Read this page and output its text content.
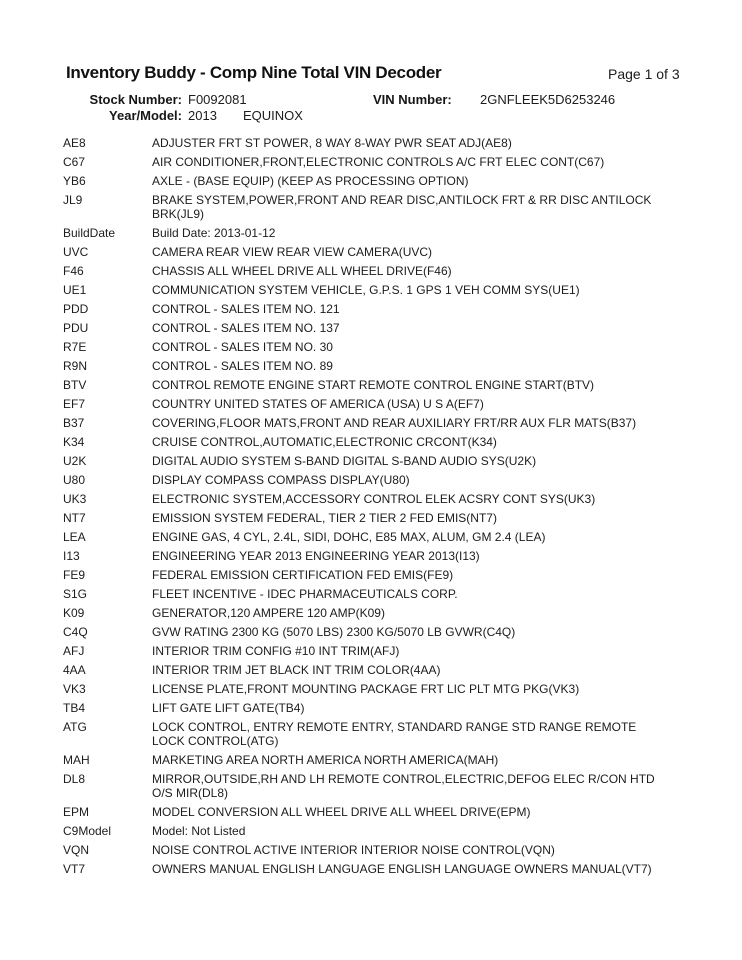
Inventory Buddy - Comp Nine Total VIN Decoder	Page 1 of 3
Stock Number: F0092081	VIN Number: 2GNFLEEK5D6253246
Year/Model: 2013 EQUINOX
AE8	ADJUSTER FRT ST POWER, 8 WAY 8-WAY PWR SEAT ADJ(AE8)
C67	AIR CONDITIONER,FRONT,ELECTRONIC CONTROLS A/C FRT ELEC CONT(C67)
YB6	AXLE - (BASE EQUIP) (KEEP AS PROCESSING OPTION)
JL9	BRAKE SYSTEM,POWER,FRONT AND REAR DISC,ANTILOCK FRT & RR DISC ANTILOCK BRK(JL9)
BuildDate	Build Date: 2013-01-12
UVC	CAMERA REAR VIEW REAR VIEW CAMERA(UVC)
F46	CHASSIS ALL WHEEL DRIVE ALL WHEEL DRIVE(F46)
UE1	COMMUNICATION SYSTEM VEHICLE, G.P.S. 1 GPS 1 VEH COMM SYS(UE1)
PDD	CONTROL - SALES ITEM NO. 121
PDU	CONTROL - SALES ITEM NO. 137
R7E	CONTROL - SALES ITEM NO. 30
R9N	CONTROL - SALES ITEM NO. 89
BTV	CONTROL REMOTE ENGINE START REMOTE CONTROL ENGINE START(BTV)
EF7	COUNTRY UNITED STATES OF AMERICA (USA) U S A(EF7)
B37	COVERING,FLOOR MATS,FRONT AND REAR AUXILIARY FRT/RR AUX FLR MATS(B37)
K34	CRUISE CONTROL,AUTOMATIC,ELECTRONIC CRCONT(K34)
U2K	DIGITAL AUDIO SYSTEM S-BAND DIGITAL S-BAND AUDIO SYS(U2K)
U80	DISPLAY COMPASS COMPASS DISPLAY(U80)
UK3	ELECTRONIC SYSTEM,ACCESSORY CONTROL ELEK ACSRY CONT SYS(UK3)
NT7	EMISSION SYSTEM FEDERAL, TIER 2 TIER 2 FED EMIS(NT7)
LEA	ENGINE GAS, 4 CYL, 2.4L, SIDI, DOHC, E85 MAX, ALUM, GM 2.4 (LEA)
I13	ENGINEERING YEAR 2013 ENGINEERING YEAR 2013(I13)
FE9	FEDERAL EMISSION CERTIFICATION FED EMIS(FE9)
S1G	FLEET INCENTIVE - IDEC PHARMACEUTICALS CORP.
K09	GENERATOR,120 AMPERE 120 AMP(K09)
C4Q	GVW RATING 2300 KG (5070 LBS) 2300 KG/5070 LB GVWR(C4Q)
AFJ	INTERIOR TRIM CONFIG #10 INT TRIM(AFJ)
4AA	INTERIOR TRIM JET BLACK INT TRIM COLOR(4AA)
VK3	LICENSE PLATE,FRONT MOUNTING PACKAGE FRT LIC PLT MTG PKG(VK3)
TB4	LIFT GATE LIFT GATE(TB4)
ATG	LOCK CONTROL, ENTRY REMOTE ENTRY, STANDARD RANGE STD RANGE REMOTE LOCK CONTROL(ATG)
MAH	MARKETING AREA NORTH AMERICA NORTH AMERICA(MAH)
DL8	MIRROR,OUTSIDE,RH AND LH REMOTE CONTROL,ELECTRIC,DEFOG ELEC R/CON HTD O/S MIR(DL8)
EPM	MODEL CONVERSION ALL WHEEL DRIVE ALL WHEEL DRIVE(EPM)
C9Model	Model: Not Listed
VQN	NOISE CONTROL ACTIVE INTERIOR INTERIOR NOISE CONTROL(VQN)
VT7	OWNERS MANUAL ENGLISH LANGUAGE ENGLISH LANGUAGE OWNERS MANUAL(VT7)
